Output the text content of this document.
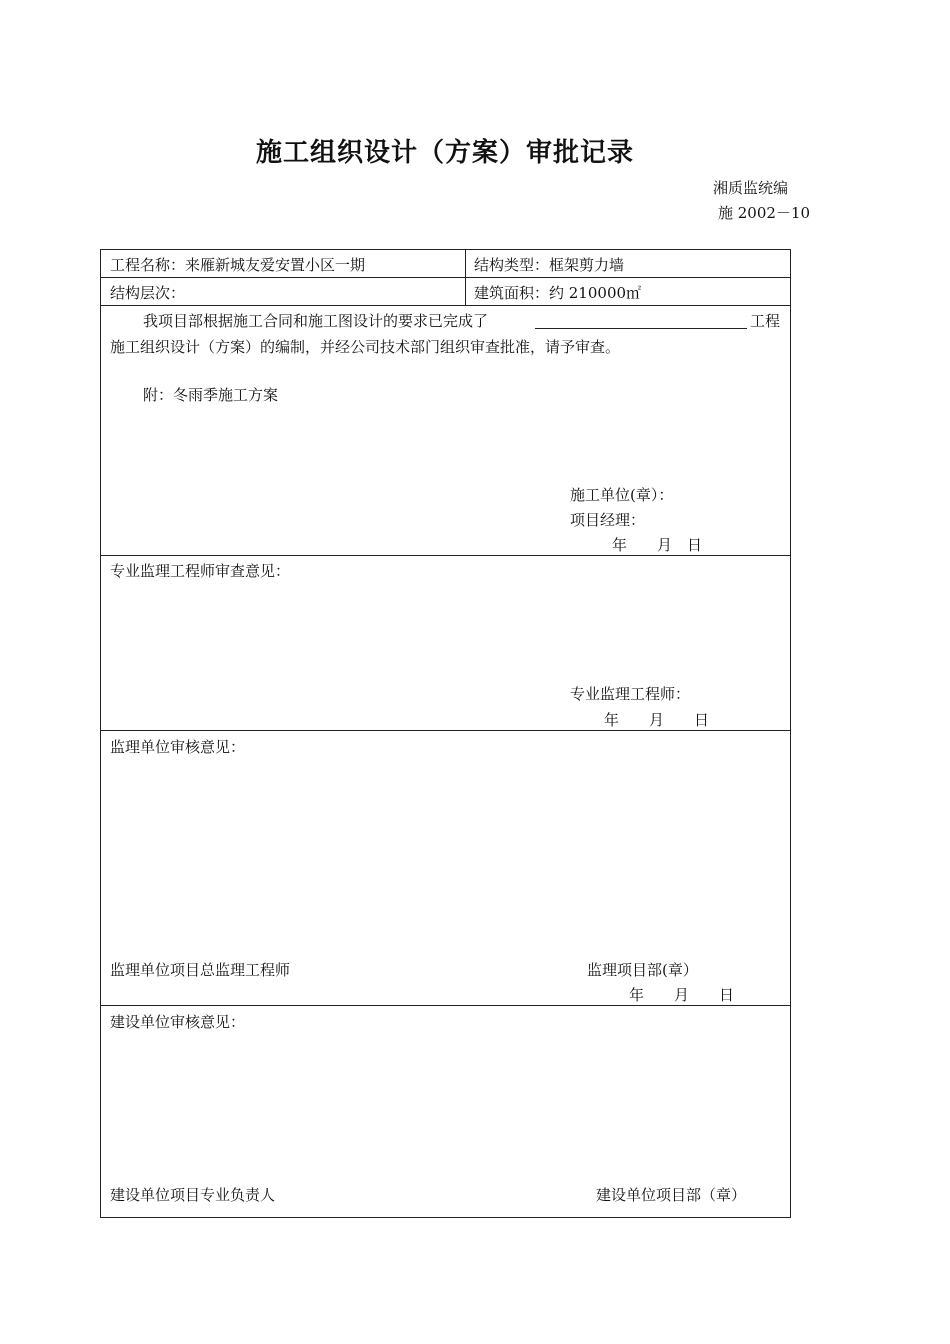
施工组织设计（方案）审批记录
湘质监统编
施 2002－10
工程名称：来雁新城友爱安置小区一期	结构类型：框架剪力墙
结构层次：	建筑面积：约 210000㎡
我项目部根据施工合同和施工图设计的要求已完成了	工程
施工组织设计（方案）的编制，并经公司技术部门组织审查批准，请予审查。
附：冬雨季施工方案
施工单位(章）：
项目经理：
年　　月　日
专业监理工程师审查意见：
专业监理工程师：
年　　月　　日
监理单位审核意见：
监理单位项目总监理工程师	监理项目部(章）
年　　月　　日
建设单位审核意见：
建设单位项目专业负责人	建设单位项目部（章）
